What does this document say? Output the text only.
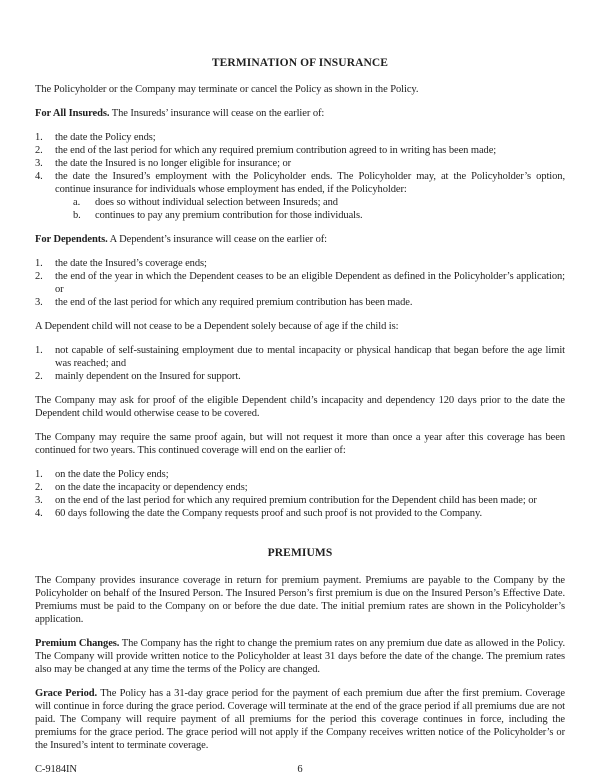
TERMINATION OF INSURANCE

The Policyholder or the Company may terminate or cancel the Policy as shown in the Policy.

For All Insureds. The Insureds’ insurance will cease on the earlier of:

1.	the date the Policy ends;
2.	the end of the last period for which any required premium contribution agreed to in writing has been made;
3.	the date the Insured is no longer eligible for insurance; or
4.	the date the Insured’s employment with the Policyholder ends. The Policyholder may, at the Policyholder’s option, continue insurance for individuals whose employment has ended, if the Policyholder:
a.	does so without individual selection between Insureds; and
b.	continues to pay any premium contribution for those individuals.

For Dependents. A Dependent’s insurance will cease on the earlier of:

1.	the date the Insured’s coverage ends;
2.	the end of the year in which the Dependent ceases to be an eligible Dependent as defined in the Policyholder’s application; or
3.	the end of the last period for which any required premium contribution has been made.

A Dependent child will not cease to be a Dependent solely because of age if the child is:

1.	not capable of self-sustaining employment due to mental incapacity or physical handicap that began before the age limit was reached; and
2.	mainly dependent on the Insured for support.

The Company may ask for proof of the eligible Dependent child’s incapacity and dependency 120 days prior to the date the Dependent child would otherwise cease to be covered.

The Company may require the same proof again, but will not request it more than once a year after this coverage has been continued for two years. This continued coverage will end on the earlier of:

1.	on the date the Policy ends;
2.	on the date the incapacity or dependency ends;
3.	on the end of the last period for which any required premium contribution for the Dependent child has been made; or
4.	60 days following the date the Company requests proof and such proof is not provided to the Company.
PREMIUMS

The Company provides insurance coverage in return for premium payment. Premiums are payable to the Company by the Policyholder on behalf of the Insured Person. The Insured Person’s first premium is due on the Insured Person’s Effective Date. Premiums must be paid to the Company on or before the due date. The initial premium rates are shown in the Policyholder’s application.

Premium Changes. The Company has the right to change the premium rates on any premium due date as allowed in the Policy. The Company will provide written notice to the Policyholder at least 31 days before the date of the change. The premium rates also may be changed at any time the terms of the Policy are changed.

Grace Period. The Policy has a 31-day grace period for the payment of each premium due after the first premium. Coverage will continue in force during the grace period. Coverage will terminate at the end of the grace period if all premiums due are not paid. The Company will require payment of all premiums for the period this coverage continues in force, including the premiums for the grace period. The grace period will not apply if the Company receives written notice of the Policyholder’s or the Insured’s intent to terminate coverage.

C-9184IN	6
